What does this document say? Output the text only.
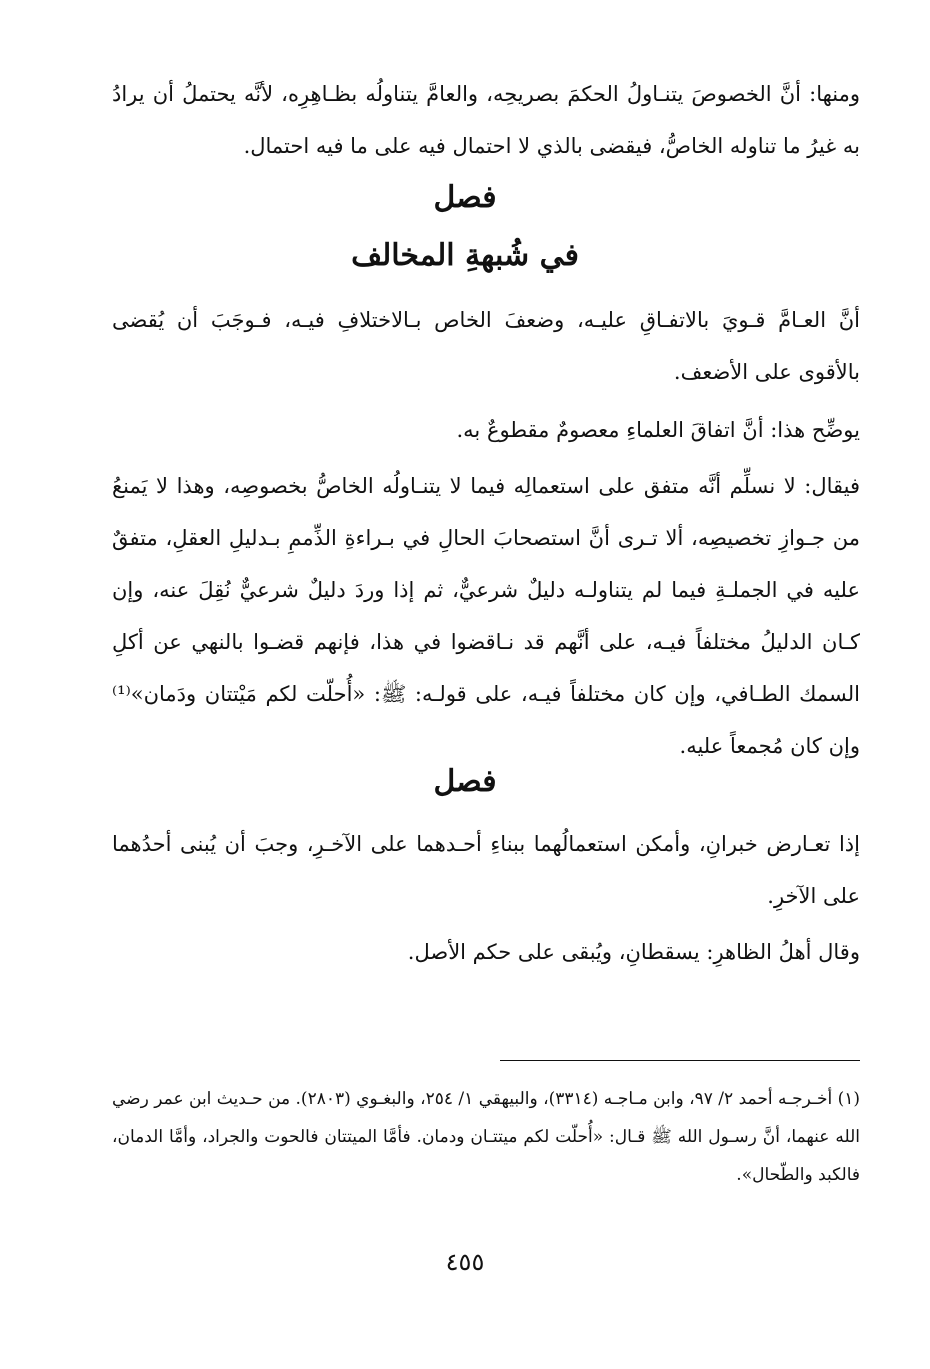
ومنها: أنَّ الخصوصَ يتنـاولُ الحكمَ بصريحِه، والعامَّ يتناولُه بظـاهِرِه، لأنَّه يحتملُ أن يرادُ به غيرُ ما تناوله الخاصُّ، فيقضى بالذي لا احتمال فيه على ما فيه احتمال.

فصل
في شُبهةِ المخالف

أنَّ العـامَّ قـويَ بالاتفـاقِ عليـه، وضعفَ الخاص بـالاختلافِ فيـه، فـوجَبَ أن يُقضى بالأقوى على الأضعف.

يوضِّح هذا: أنَّ اتفاقَ العلماءِ معصومٌ مقطوعٌ به.

فيقال: لا نسلِّم أنَّه متفق على استعمالِه فيما لا يتنـاولُه الخاصُّ بخصوصِه، وهذا لا يَمنعُ من جـوازِ تخصيصِه، ألا تـرى أنَّ استصحابَ الحالِ في بـراءةِ الذِّممِ بـدليلِ العقلِ، متفقٌ عليه في الجملـةِ فيما لم يتناولـه دليلٌ شرعيٌّ، ثم إذا وردَ دليلٌ شرعيٌّ نُقِلَ عنه، وإن كـان الدليلُ مختلفاً فيـه، على أنَّهم قد نـاقضوا في هذا، فإنهم قضـوا بالنهي عن أكلِ السمك الطـافي، وإن كان مختلفاً فيـه، على قولـه: ﷺ: «أُحلّت لكم مَيْتتان ودَمان»⁽¹⁾ وإن كان مُجمعاً عليه.

فصل

إذا تعـارض خبرانِ، وأمكن استعمالُهما ببناءِ أحـدهما على الآخـرِ، وجبَ أن يُبنى أحدُهما على الآخرِ.

وقال أهلُ الظاهرِ: يسقطانِ، ويُبقى على حكم الأصل.

(١) أخـرجـه أحمد ٢/ ٩٧، وابن مـاجـه (٣٣١٤)، والبيهقي ١/ ٢٥٤، والبغـوي (٢٨٠٣). من حـديث ابن عمر رضي الله عنهما، أنَّ رسـول الله ﷺ قـال: «أُحلّت لكم ميتتـان ودمان. فأمَّا الميتتان فالحوت والجراد، وأمَّا الدمان، فالكبد والطّحال».

٤٥٥
